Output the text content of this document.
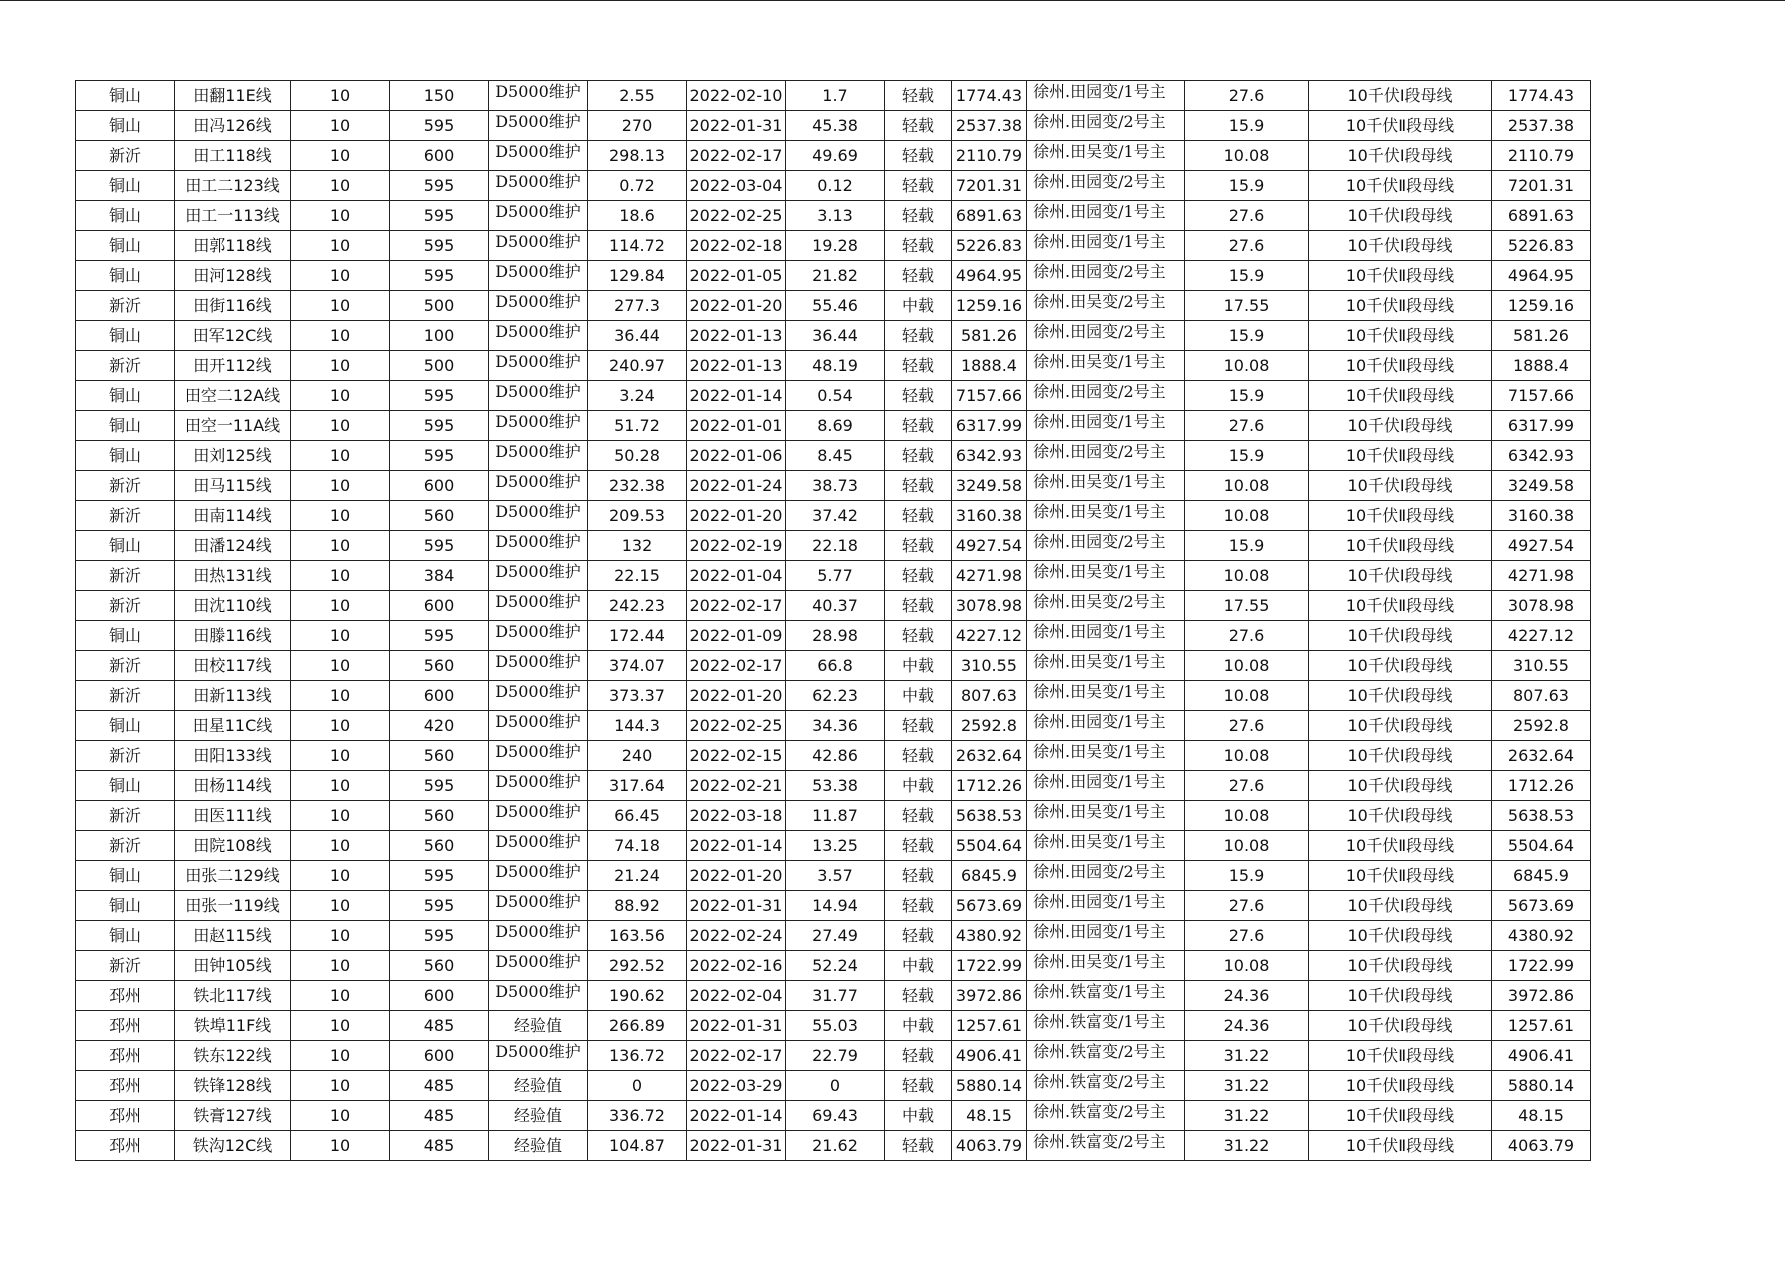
铜山	田翻11E线	10	150	D5000维护	2.55	2022-02-10	1.7	轻载	1774.43	徐州.田园变/1号主	27.6	10千伏Ⅰ段母线	1774.43
铜山	田冯126线	10	595	D5000维护	270	2022-01-31	45.38	轻载	2537.38	徐州.田园变/2号主	15.9	10千伏Ⅱ段母线	2537.38
新沂	田工118线	10	600	D5000维护	298.13	2022-02-17	49.69	轻载	2110.79	徐州.田吴变/1号主	10.08	10千伏Ⅰ段母线	2110.79
铜山	田工二123线	10	595	D5000维护	0.72	2022-03-04	0.12	轻载	7201.31	徐州.田园变/2号主	15.9	10千伏Ⅱ段母线	7201.31
铜山	田工一113线	10	595	D5000维护	18.6	2022-02-25	3.13	轻载	6891.63	徐州.田园变/1号主	27.6	10千伏Ⅰ段母线	6891.63
铜山	田郭118线	10	595	D5000维护	114.72	2022-02-18	19.28	轻载	5226.83	徐州.田园变/1号主	27.6	10千伏Ⅰ段母线	5226.83
铜山	田河128线	10	595	D5000维护	129.84	2022-01-05	21.82	轻载	4964.95	徐州.田园变/2号主	15.9	10千伏Ⅱ段母线	4964.95
新沂	田街116线	10	500	D5000维护	277.3	2022-01-20	55.46	中载	1259.16	徐州.田吴变/2号主	17.55	10千伏Ⅱ段母线	1259.16
铜山	田军12C线	10	100	D5000维护	36.44	2022-01-13	36.44	轻载	581.26	徐州.田园变/2号主	15.9	10千伏Ⅱ段母线	581.26
新沂	田开112线	10	500	D5000维护	240.97	2022-01-13	48.19	轻载	1888.4	徐州.田吴变/1号主	10.08	10千伏Ⅱ段母线	1888.4
铜山	田空二12A线	10	595	D5000维护	3.24	2022-01-14	0.54	轻载	7157.66	徐州.田园变/2号主	15.9	10千伏Ⅱ段母线	7157.66
铜山	田空一11A线	10	595	D5000维护	51.72	2022-01-01	8.69	轻载	6317.99	徐州.田园变/1号主	27.6	10千伏Ⅰ段母线	6317.99
铜山	田刘125线	10	595	D5000维护	50.28	2022-01-06	8.45	轻载	6342.93	徐州.田园变/2号主	15.9	10千伏Ⅱ段母线	6342.93
新沂	田马115线	10	600	D5000维护	232.38	2022-01-24	38.73	轻载	3249.58	徐州.田吴变/1号主	10.08	10千伏Ⅰ段母线	3249.58
新沂	田南114线	10	560	D5000维护	209.53	2022-01-20	37.42	轻载	3160.38	徐州.田吴变/1号主	10.08	10千伏Ⅱ段母线	3160.38
铜山	田潘124线	10	595	D5000维护	132	2022-02-19	22.18	轻载	4927.54	徐州.田园变/2号主	15.9	10千伏Ⅱ段母线	4927.54
新沂	田热131线	10	384	D5000维护	22.15	2022-01-04	5.77	轻载	4271.98	徐州.田吴变/1号主	10.08	10千伏Ⅰ段母线	4271.98
新沂	田沈110线	10	600	D5000维护	242.23	2022-02-17	40.37	轻载	3078.98	徐州.田吴变/2号主	17.55	10千伏Ⅱ段母线	3078.98
铜山	田滕116线	10	595	D5000维护	172.44	2022-01-09	28.98	轻载	4227.12	徐州.田园变/1号主	27.6	10千伏Ⅰ段母线	4227.12
新沂	田校117线	10	560	D5000维护	374.07	2022-02-17	66.8	中载	310.55	徐州.田吴变/1号主	10.08	10千伏Ⅰ段母线	310.55
新沂	田新113线	10	600	D5000维护	373.37	2022-01-20	62.23	中载	807.63	徐州.田吴变/1号主	10.08	10千伏Ⅰ段母线	807.63
铜山	田星11C线	10	420	D5000维护	144.3	2022-02-25	34.36	轻载	2592.8	徐州.田园变/1号主	27.6	10千伏Ⅰ段母线	2592.8
新沂	田阳133线	10	560	D5000维护	240	2022-02-15	42.86	轻载	2632.64	徐州.田吴变/1号主	10.08	10千伏Ⅰ段母线	2632.64
铜山	田杨114线	10	595	D5000维护	317.64	2022-02-21	53.38	中载	1712.26	徐州.田园变/1号主	27.6	10千伏Ⅰ段母线	1712.26
新沂	田医111线	10	560	D5000维护	66.45	2022-03-18	11.87	轻载	5638.53	徐州.田吴变/1号主	10.08	10千伏Ⅰ段母线	5638.53
新沂	田院108线	10	560	D5000维护	74.18	2022-01-14	13.25	轻载	5504.64	徐州.田吴变/1号主	10.08	10千伏Ⅱ段母线	5504.64
铜山	田张二129线	10	595	D5000维护	21.24	2022-01-20	3.57	轻载	6845.9	徐州.田园变/2号主	15.9	10千伏Ⅱ段母线	6845.9
铜山	田张一119线	10	595	D5000维护	88.92	2022-01-31	14.94	轻载	5673.69	徐州.田园变/1号主	27.6	10千伏Ⅰ段母线	5673.69
铜山	田赵115线	10	595	D5000维护	163.56	2022-02-24	27.49	轻载	4380.92	徐州.田园变/1号主	27.6	10千伏Ⅰ段母线	4380.92
新沂	田钟105线	10	560	D5000维护	292.52	2022-02-16	52.24	中载	1722.99	徐州.田吴变/1号主	10.08	10千伏Ⅰ段母线	1722.99
邳州	铁北117线	10	600	D5000维护	190.62	2022-02-04	31.77	轻载	3972.86	徐州.铁富变/1号主	24.36	10千伏Ⅰ段母线	3972.86
邳州	铁埠11F线	10	485	经验值	266.89	2022-01-31	55.03	中载	1257.61	徐州.铁富变/1号主	24.36	10千伏Ⅰ段母线	1257.61
邳州	铁东122线	10	600	D5000维护	136.72	2022-02-17	22.79	轻载	4906.41	徐州.铁富变/2号主	31.22	10千伏Ⅱ段母线	4906.41
邳州	铁锋128线	10	485	经验值	0	2022-03-29	0	轻载	5880.14	徐州.铁富变/2号主	31.22	10千伏Ⅱ段母线	5880.14
邳州	铁膏127线	10	485	经验值	336.72	2022-01-14	69.43	中载	48.15	徐州.铁富变/2号主	31.22	10千伏Ⅱ段母线	48.15
邳州	铁沟12C线	10	485	经验值	104.87	2022-01-31	21.62	轻载	4063.79	徐州.铁富变/2号主	31.22	10千伏Ⅱ段母线	4063.79
